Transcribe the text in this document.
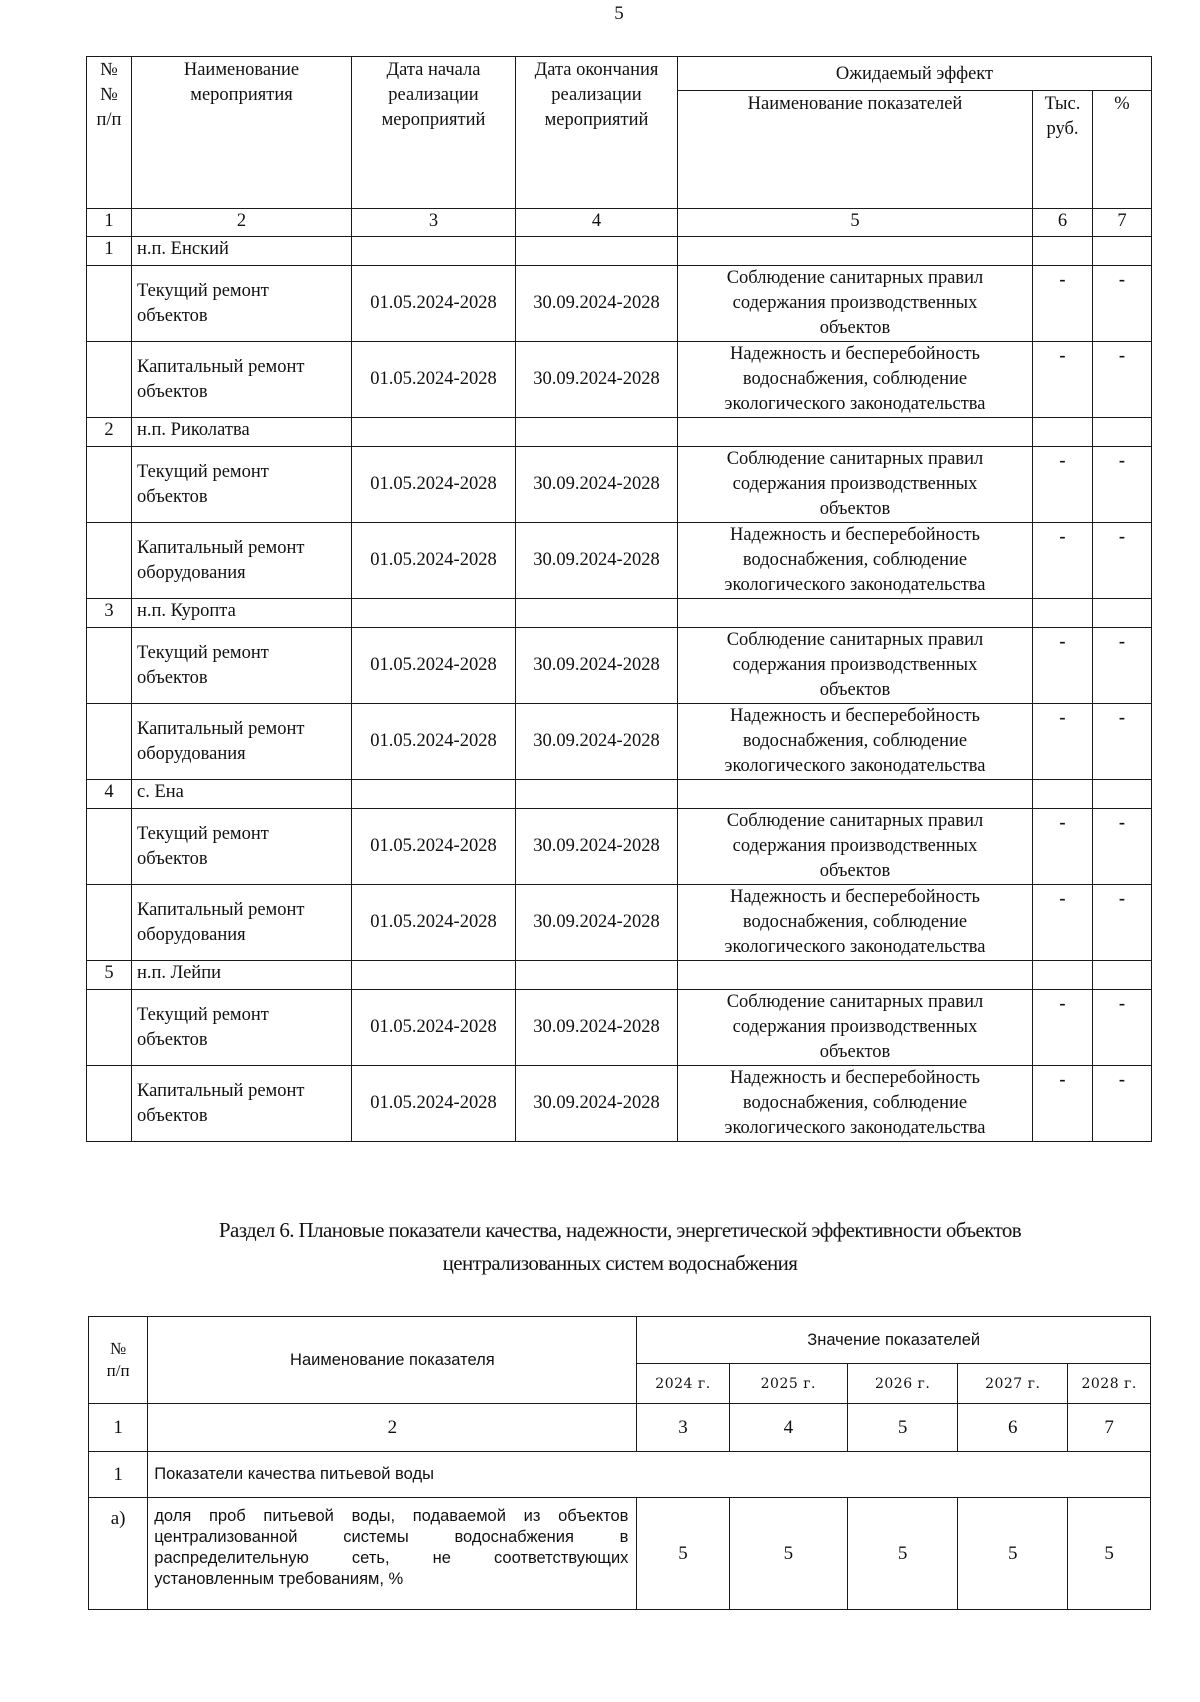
5
№
№
п/п	Наименование
мероприятия	Дата начала
реализации
мероприятий	Дата окончания
реализации
мероприятий	Ожидаемый эффект		
				Наименование показателей	Тыс.
руб.	%
1	2	3	4	5	6	7
1	н.п. Енский					

	Текущий ремонт
объектов	01.05.2024-2028	30.09.2024-2028	Соблюдение санитарных правил
содержания производственных
объектов	-	-

	Капитальный ремонт
объектов	01.05.2024-2028	30.09.2024-2028	Надежность и бесперебойность
водоснабжения, соблюдение
экологического законодательства	-	-
2	н.п. Риколатва					

	Текущий ремонт
объектов	01.05.2024-2028	30.09.2024-2028	Соблюдение санитарных правил
содержания производственных
объектов	-	-

	Капитальный ремонт
оборудования	01.05.2024-2028	30.09.2024-2028	Надежность и бесперебойность
водоснабжения, соблюдение
экологического законодательства	-	-
3	н.п. Куропта					

	Текущий ремонт
объектов	01.05.2024-2028	30.09.2024-2028	Соблюдение санитарных правил
содержания производственных
объектов	-	-

	Капитальный ремонт
оборудования	01.05.2024-2028	30.09.2024-2028	Надежность и бесперебойность
водоснабжения, соблюдение
экологического законодательства	-	-
4	с. Ена					

	Текущий ремонт
объектов	01.05.2024-2028	30.09.2024-2028	Соблюдение санитарных правил
содержания производственных
объектов	-	-

	Капитальный ремонт
оборудования	01.05.2024-2028	30.09.2024-2028	Надежность и бесперебойность
водоснабжения, соблюдение
экологического законодательства	-	-
5	н.п. Лейпи					

	Текущий ремонт
объектов	01.05.2024-2028	30.09.2024-2028	Соблюдение санитарных правил
содержания производственных
объектов	-	-

	Капитальный ремонт
объектов	01.05.2024-2028	30.09.2024-2028	Надежность и бесперебойность
водоснабжения, соблюдение
экологического законодательства	-	-
Раздел 6. Плановые показатели качества, надежности, энергетической эффективности объектов
централизованных систем водоснабжения
№
п/п	Наименование показателя	Значение показателей				
		2024 г.	2025 г.	2026 г.	2027 г.	2028 г.
1	2	3	4	5	6	7
1	Показатели качества питьевой воды					
а)	доля проб питьевой воды, подаваемой из объектов централизованной системы водоснабжения в распределительную сеть, не соответствующих установленным требованиям, %	5	5	5	5	5
